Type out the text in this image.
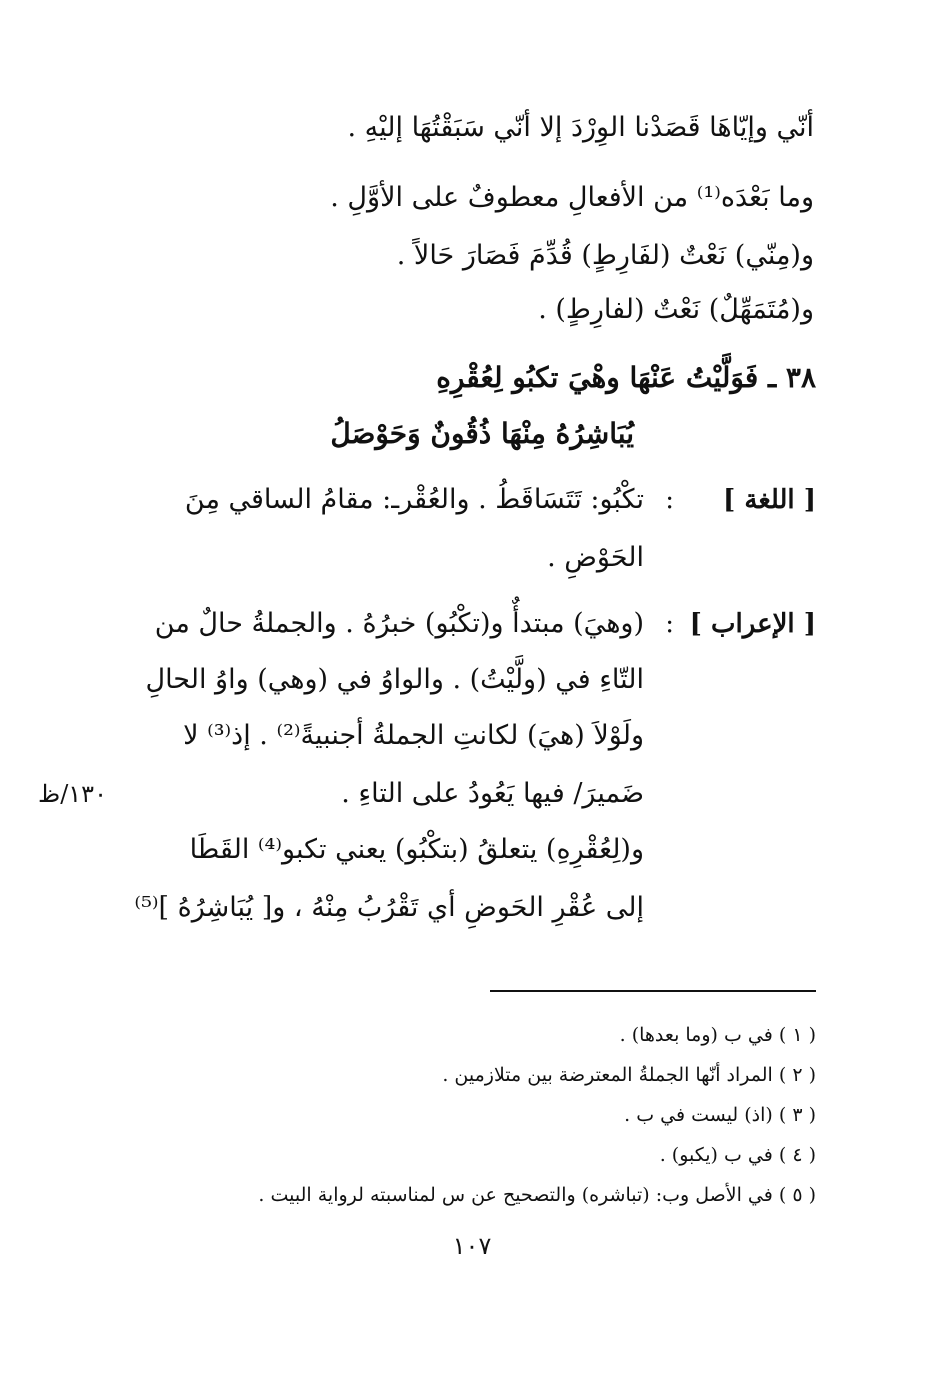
أنّي وإيّاهَا قَصَدْنا الوِرْدَ إلا أنّي سَبَقْتُهَا إليْهِ .
وما بَعْدَه⁽¹⁾ من الأفعالِ معطوفٌ على الأوَّلِ .
و(مِنّي) نَعْتٌ (لفَارِطٍ) قُدِّمَ فَصَارَ حَالاً .
و(مُتَمَهِّلٌ) نَعْتٌ (لفارِطٍ) .
٣٨ ـ فَوَلَّيْتُ عَنْهَا وهْيَ تكبُو لِعُقْرِهِ
يُبَاشِرُهُ مِنْهَا ذُقُونٌ وَحَوْصَلُ
[ اللغة ]
:
تكْبُو: تَتَسَاقَطُ . والعُقْرـ: مقامُ الساقي مِنَ
الحَوْضِ .
[ الإعراب ]
:
(وهيَ) مبتدأٌ و(تكْبُو) خبرُهُ . والجملةُ حالٌ من
التّاءِ في (ولَّيْتُ) . والواوُ في (وهي) واوُ الحالِ
ولَوْلاَ (هيَ) لكانتِ الجملةُ أجنبيةً⁽²⁾ . إذ⁽³⁾ لا
ضَميرَ/ فيها يَعُودُ على التاءِ .
و(لِعُقْرِهِ) يتعلقُ (بتكْبُو) يعني تكبو⁽⁴⁾ القَطَا
إلى عُقْرِ الحَوضِ أي تَقْرُبُ مِنْهُ ، و[ يُبَاشِرُهُ ]⁽⁵⁾
١٣٠/ظ
( ١ ) في ب (وما بعدها) .
( ٢ ) المراد أنّها الجملةُ المعترضة بين متلازمين .
( ٣ ) (اذ) ليست في ب .
( ٤ ) في ب (يكبو) .
( ٥ ) في الأصل وب: (تباشره) والتصحيح عن س لمناسبته لرواية البيت .
١٠٧
